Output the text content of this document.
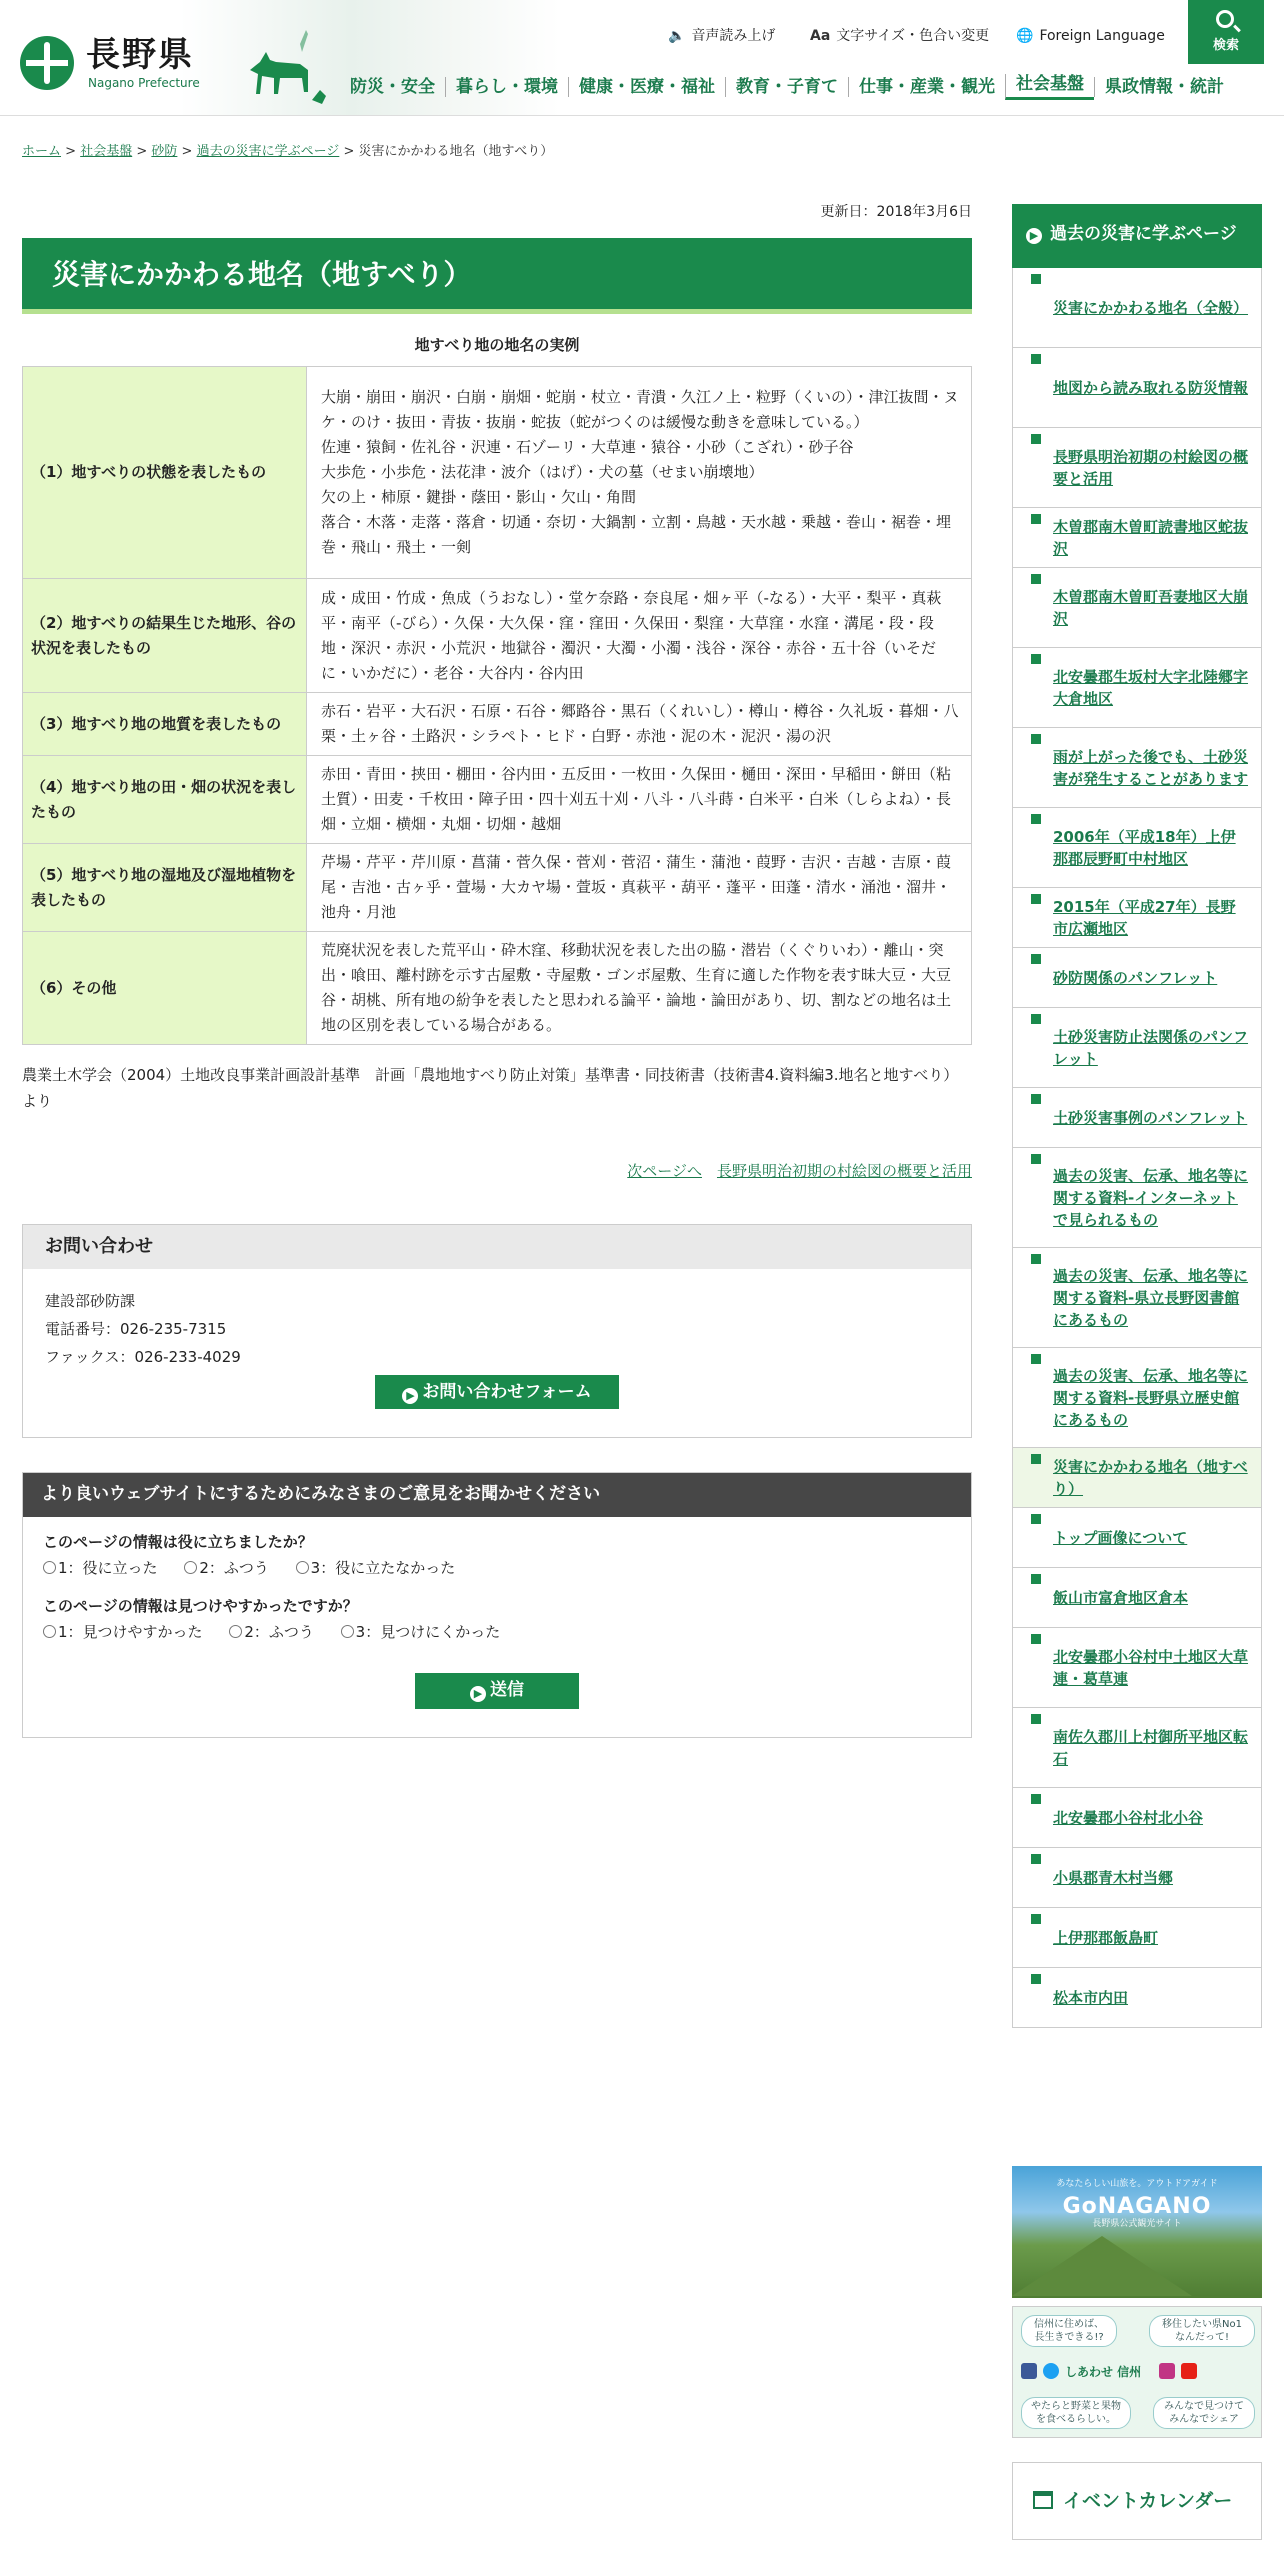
長野県
Nagano Prefecture
🔈 音声読み上げ Aa 文字サイズ・色合い変更 🌐 Foreign Language
検索
防災・安全	暮らし・環境	健康・医療・福祉	教育・子育て	仕事・産業・観光	社会基盤	県政情報・統計
ホーム > 社会基盤 > 砂防 > 過去の災害に学ぶページ > 災害にかかわる地名（地すべり）
更新日：2018年3月6日
災害にかかわる地名（地すべり）
地すべり地の地名の実例
（1）地すべりの状態を表したもの	大崩・崩田・崩沢・白崩・崩畑・蛇崩・杖立・青潰・久江ノ上・粒野（くいの）・津江抜間・ヌケ・のけ・抜田・青抜・抜崩・蛇抜（蛇がつくのは緩慢な動きを意味している。）
佐連・猿飼・佐礼谷・沢連・石ゾーリ・大草連・猿谷・小砂（こざれ）・砂子谷
大歩危・小歩危・法花津・波介（はげ）・犬の墓（せまい崩壊地）
欠の上・柿原・鍵掛・蔭田・影山・欠山・角間
落合・木落・走落・落倉・切通・奈切・大鍋割・立割・鳥越・天水越・乗越・巻山・裾巻・埋巻・飛山・飛土・一剣
（2）地すべりの結果生じた地形、谷の状況を表したもの	成・成田・竹成・魚成（うおなし）・堂ケ奈路・奈良尾・畑ヶ平（-なる）・大平・梨平・真萩平・南平（-びら）・久保・大久保・窪・窪田・久保田・梨窪・大草窪・水窪・溝尾・段・段地・深沢・赤沢・小荒沢・地獄谷・濁沢・大濁・小濁・浅谷・深谷・赤谷・五十谷（いそだに・いかだに）・老谷・大谷内・谷内田
（3）地すべり地の地質を表したもの	赤石・岩平・大石沢・石原・石谷・郷路谷・黒石（くれいし）・樽山・樽谷・久礼坂・暮畑・八栗・土ヶ谷・土路沢・シラペト・ヒド・白野・赤池・泥の木・泥沢・湯の沢
（4）地すべり地の田・畑の状況を表したもの	赤田・青田・挟田・棚田・谷内田・五反田・一枚田・久保田・樋田・深田・早稲田・餅田（粘土質）・田麦・千枚田・障子田・四十刈五十刈・八斗・八斗蒔・白米平・白米（しらよね）・長畑・立畑・横畑・丸畑・切畑・越畑
（5）地すべり地の湿地及び湿地植物を表したもの	芹場・芹平・芹川原・菖蒲・菅久保・菅刈・菅沼・蒲生・蒲池・葭野・吉沢・吉越・吉原・葭尾・吉池・古ヶ乎・萱場・大カヤ場・萱坂・真萩平・葫平・蓬平・田蓬・清水・涌池・溜井・池舟・月池
（6）その他	荒廃状況を表した荒平山・砕木窪、移動状況を表した出の脇・潜岩（くぐりいわ）・離山・突出・喰田、離村跡を示す古屋敷・寺屋敷・ゴンボ屋敷、生育に適した作物を表す昧大豆・大豆谷・胡桃、所有地の紛争を表したと思われる論平・論地・論田があり、切、割などの地名は土地の区別を表している場合がある。
農業土木学会（2004）土地改良事業計画設計基準　計画「農地地すべり防止対策」基準書・同技術書（技術書4.資料編3.地名と地すべり）より
次ページへ　 長野県明治初期の村絵図の概要と活用
お問い合わせ
建設部砂防課
電話番号：026-235-7315
ファックス：026-233-4029
▶ お問い合わせフォーム
より良いウェブサイトにするためにみなさまのご意見をお聞かせください
このページの情報は役に立ちましたか？
1：役に立った	2：ふつう	3：役に立たなかった
このページの情報は見つけやすかったですか？
1：見つけやすかった	2：ふつう	3：見つけにくかった
▶ 送信
▶ 過去の災害に学ぶページ
災害にかかわる地名（全般）
地図から読み取れる防災情報
長野県明治初期の村絵図の概要と活用
木曽郡南木曽町読書地区蛇抜沢
木曽郡南木曽町吾妻地区大崩沢
北安曇郡生坂村大字北陸郷字大倉地区
雨が上がった後でも、土砂災害が発生することがあります
2006年（平成18年）上伊那郡辰野町中村地区
2015年（平成27年）長野市広瀬地区
砂防関係のパンフレット
土砂災害防止法関係のパンフレット
土砂災害事例のパンフレット
過去の災害、伝承、地名等に関する資料-インターネットで見られるもの
過去の災害、伝承、地名等に関する資料-県立長野図書館にあるもの
過去の災害、伝承、地名等に関する資料-長野県立歴史館にあるもの
災害にかかわる地名（地すべり）
トップ画像について
飯山市富倉地区倉本
北安曇郡小谷村中土地区大草連・葛草連
南佐久郡川上村御所平地区転石
北安曇郡小谷村北小谷
小県郡青木村当郷
上伊那郡飯島町
松本市内田
あなたらしい山旅を。アウトドアガイド
GoNAGANO
長野県公式観光サイト
信州に住めば、長生きできる!?
移住したい県No1なんだって!
しあわせ 信州
やたらと野菜と果物を食べるらしい。
みんなで見つけてみんなでシェア
イベントカレンダー
